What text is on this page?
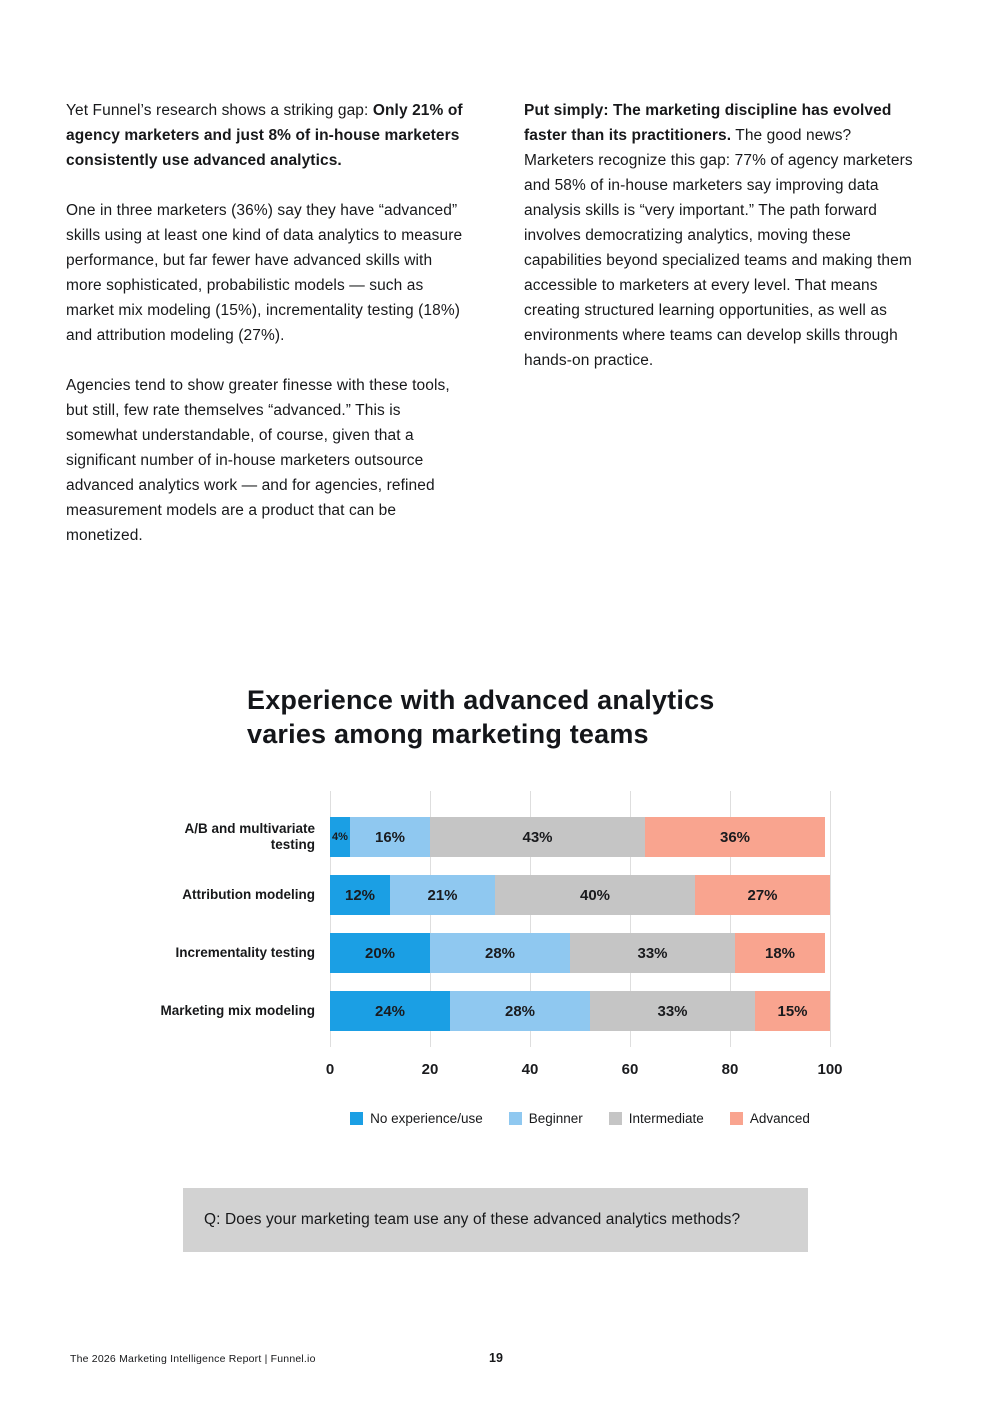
Yet Funnel’s research shows a striking gap: Only 21% of agency marketers and just 8% of in-house marketers consistently use advanced analytics.

One in three marketers (36%) say they have “advanced” skills using at least one kind of data analytics to measure performance, but far fewer have advanced skills with more sophisticated, probabilistic models — such as market mix modeling (15%), incrementality testing (18%) and attribution modeling (27%).

Agencies tend to show greater finesse with these tools, but still, few rate themselves “advanced.” This is somewhat understandable, of course, given that a significant number of in-house marketers outsource advanced analytics work — and for agencies, refined measurement models are a product that can be monetized.

Put simply: The marketing discipline has evolved faster than its practitioners. The good news? Marketers recognize this gap: 77% of agency marketers and 58% of in-house marketers say improving data analysis skills is “very important.” The path forward involves democratizing analytics, moving these capabilities beyond specialized teams and making them accessible to marketers at every level. That means creating structured learning opportunities, as well as environments where teams can develop skills through hands-on practice.

Experience with advanced analytics
varies among marketing teams
A/B and multivariate testing	4% 16%	43%	36%
Attribution modeling	12%	21%	40%	27%
Incrementality testing	20%	28%	33%	18%
Marketing mix modeling	24%	28%	33%	15%
0	20	40	60	80	100
No experience/use	Beginner	Intermediate	Advanced
Q: Does your marketing team use any of these advanced analytics methods?
The 2026 Marketing Intelligence Report | Funnel.io	19
